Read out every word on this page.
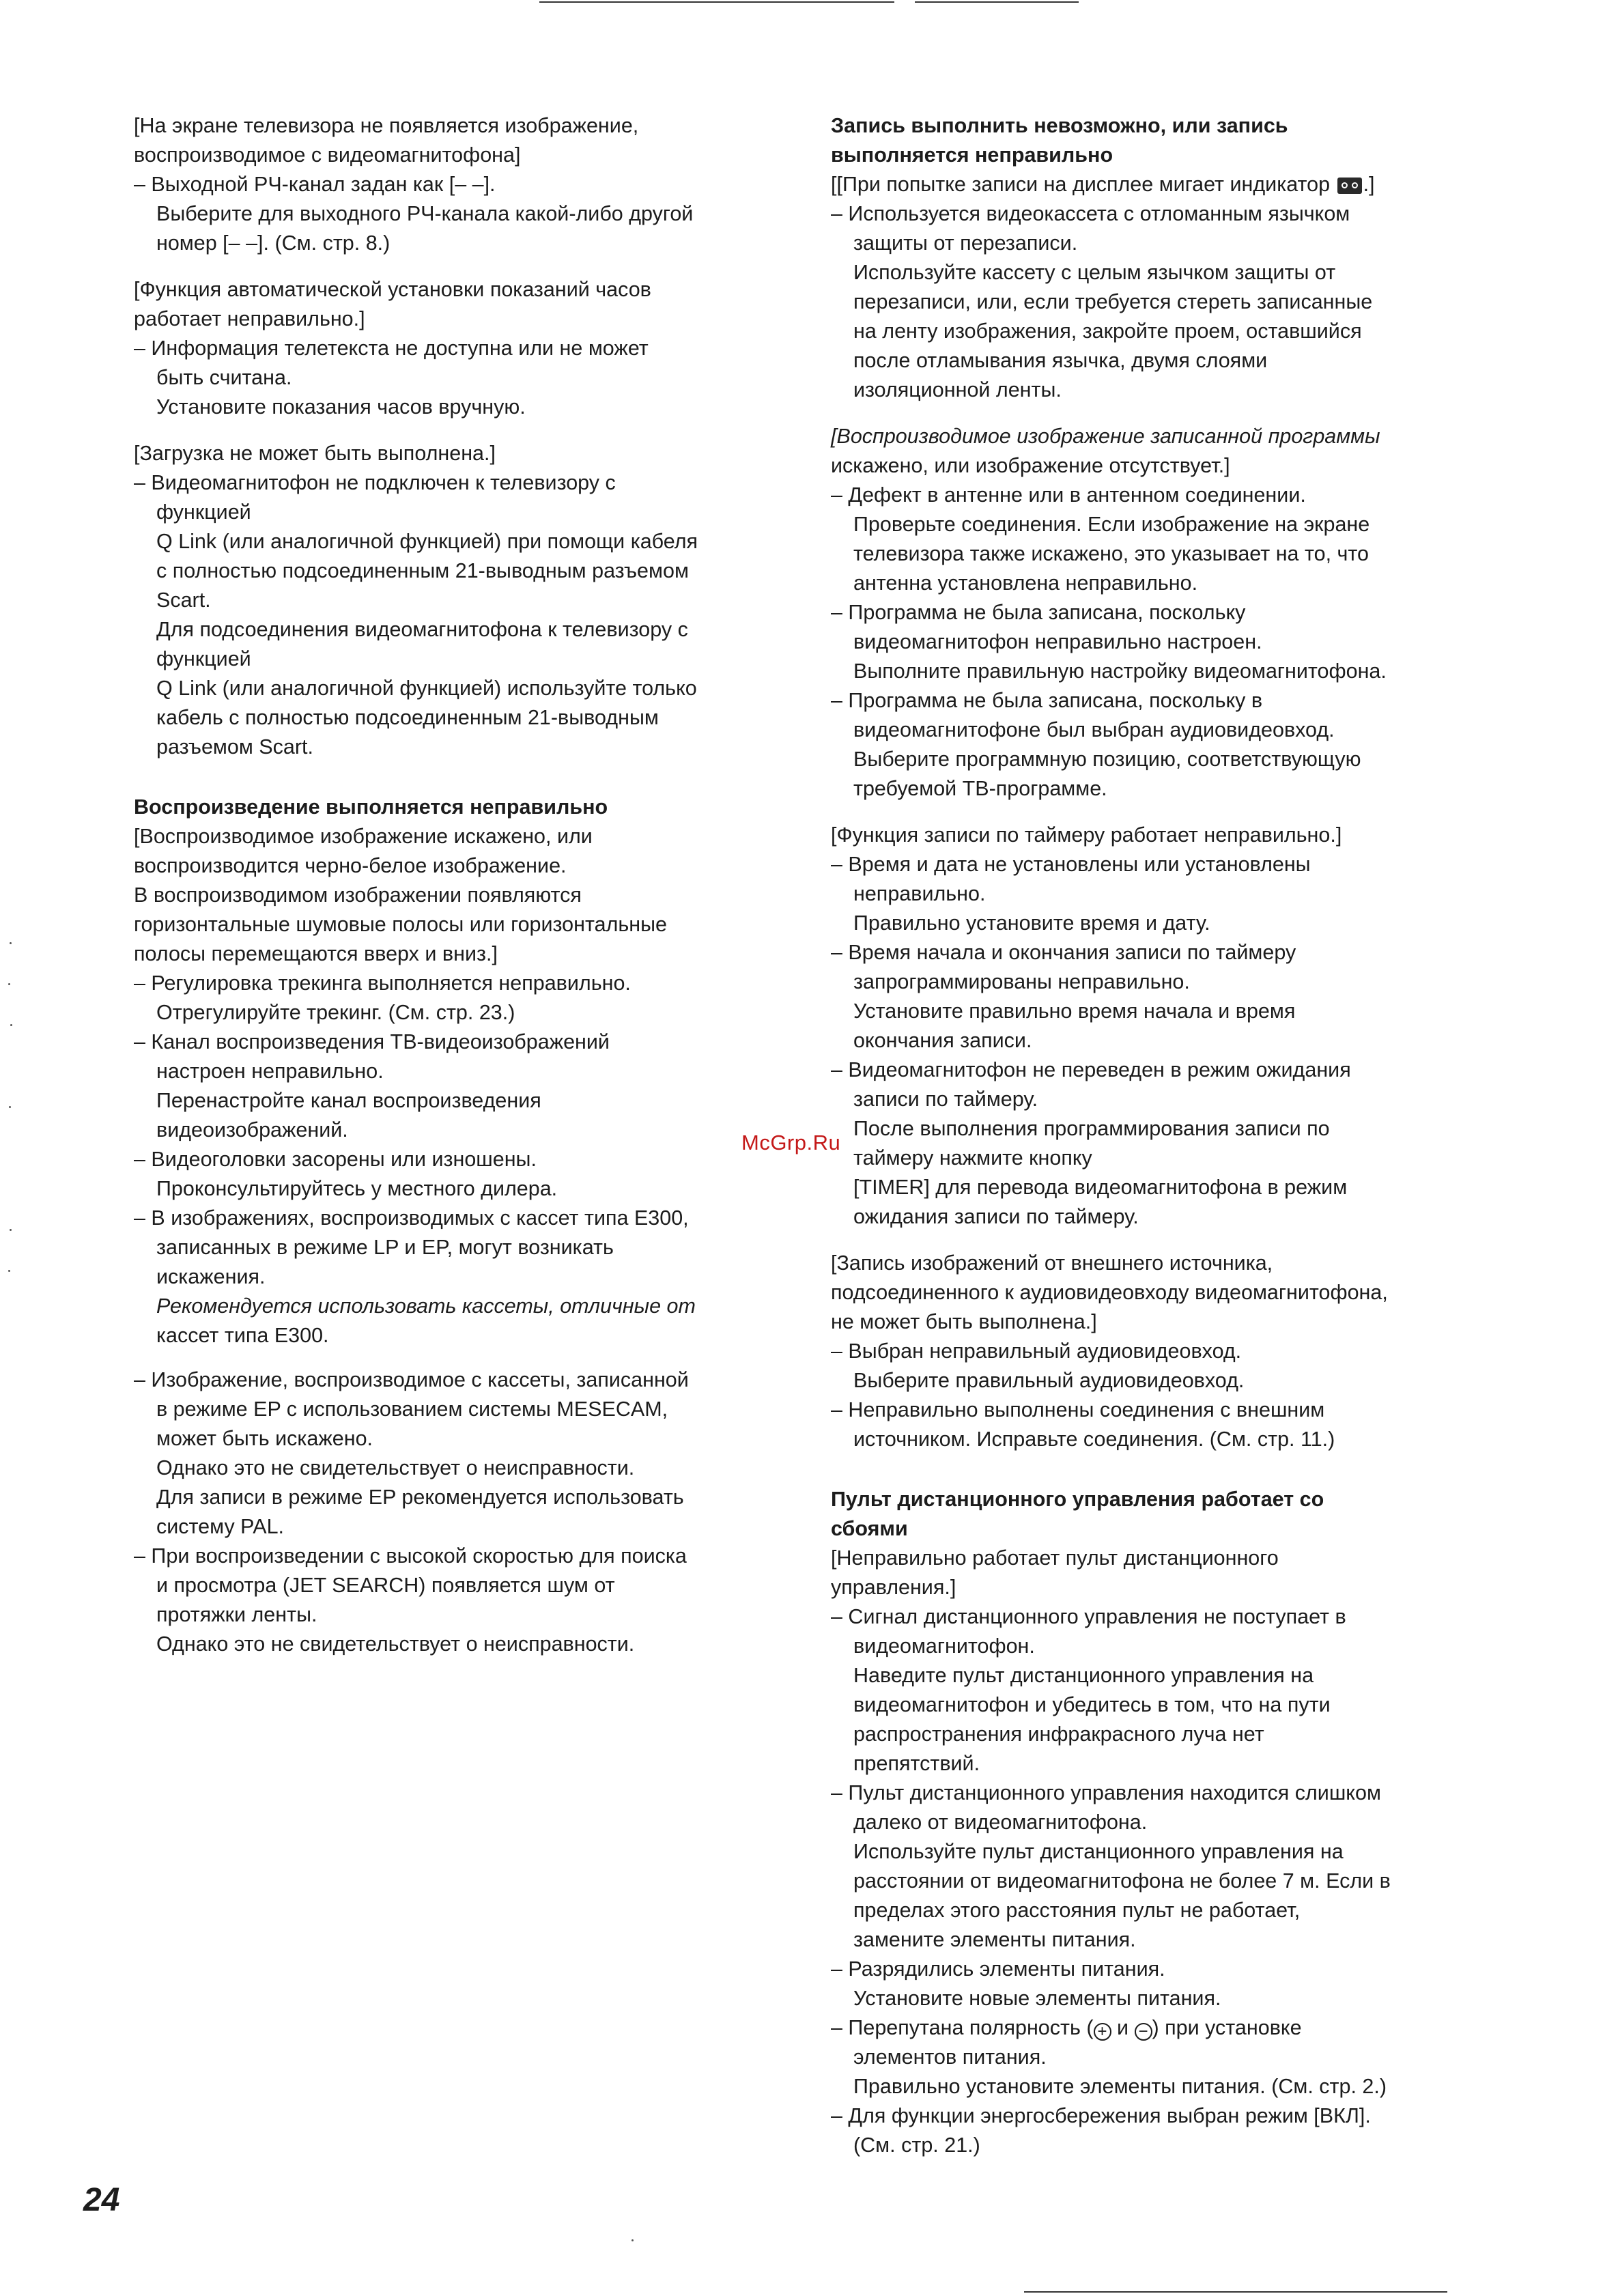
[На экране телевизора не появляется изображение,

воспроизводимое с видеомагнитофона]

– Выходной РЧ-канал задан как [– –].

Выберите для выходного РЧ-канала какой-либо другой

номер [– –]. (См. стр. 8.)

[Функция автоматической установки показаний часов

работает неправильно.]

– Информация телетекста не доступна или не может

быть считана.

Установите показания часов вручную.

[Загрузка не может быть выполнена.]

– Видеомагнитофон не подключен к телевизору с

функцией

Q Link (или аналогичной функцией) при помощи кабеля

с полностью подсоединенным 21-выводным разъемом

Scart.

Для подсоединения видеомагнитофона к телевизору с

функцией

Q Link (или аналогичной функцией) используйте только

кабель с полностью подсоединенным 21-выводным

разъемом Scart.

Воспроизведение выполняется неправильно

[Воспроизводимое изображение искажено, или

воспроизводится черно-белое изображение.

В воспроизводимом изображении появляются

горизонтальные шумовые полосы или горизонтальные

полосы перемещаются вверх и вниз.]

– Регулировка трекинга выполняется неправильно.

Отрегулируйте трекинг. (См. стр. 23.)

– Канал воспроизведения ТВ-видеоизображений

настроен неправильно.

Перенастройте канал воспроизведения

видеоизображений.

– Видеоголовки засорены или изношены.

Проконсультируйтесь у местного дилера.

– В изображениях, воспроизводимых с кассет типа E300,

записанных в режиме LP и EP, могут возникать

искажения.

Рекомендуется использовать кассеты, отличные от

кассет типа E300.

– Изображение, воспроизводимое с кассеты, записанной

в режиме EP с использованием системы MESECAM,

может быть искажено.

Однако это не свидетельствует о неисправности.

Для записи в режиме EP рекомендуется использовать

систему PAL.

– При воспроизведении с высокой скоростью для поиска

и просмотра (JET SEARCH) появляется шум от

протяжки ленты.

Однако это не свидетельствует о неисправности.

Запись выполнить невозможно, или запись

выполняется неправильно

[[При попытке записи на дисплее мигает индикатор .]

– Используется видеокассета с отломанным язычком

защиты от перезаписи.

Используйте кассету с целым язычком защиты от

перезаписи, или, если требуется стереть записанные

на ленту изображения, закройте проем, оставшийся

после отламывания язычка, двумя слоями

изоляционной ленты.

[Воспроизводимое изображение записанной программы

искажено, или изображение отсутствует.]

– Дефект в антенне или в антенном соединении.

Проверьте соединения. Если изображение на экране

телевизора также искажено, это указывает на то, что

антенна установлена неправильно.

– Программа не была записана, поскольку

видеомагнитофон неправильно настроен.

Выполните правильную настройку видеомагнитофона.

– Программа не была записана, поскольку в

видеомагнитофоне был выбран аудиовидеовход.

Выберите программную позицию, соответствующую

требуемой ТВ-программе.

[Функция записи по таймеру работает неправильно.]

– Время и дата не установлены или установлены

неправильно.

Правильно установите время и дату.

– Время начала и окончания записи по таймеру

запрограммированы неправильно.

Установите правильно время начала и время

окончания записи.

– Видеомагнитофон не переведен в режим ожидания

записи по таймеру.

После выполнения программирования записи по

таймеру нажмите кнопку

[TIMER] для перевода видеомагнитофона в режим

ожидания записи по таймеру.

[Запись изображений от внешнего источника,

подсоединенного к аудиовидеовходу видеомагнитофона,

не может быть выполнена.]

– Выбран неправильный аудиовидеовход.

Выберите правильный аудиовидеовход.

– Неправильно выполнены соединения с внешним

источником. Исправьте соединения. (См. стр. 11.)

Пульт дистанционного управления работает со

сбоями

[Неправильно работает пульт дистанционного

управления.]

– Сигнал дистанционного управления не поступает в

видеомагнитофон.

Наведите пульт дистанционного управления на

видеомагнитофон и убедитесь в том, что на пути

распространения инфракрасного луча нет

препятствий.

– Пульт дистанционного управления находится слишком

далеко от видеомагнитофона.

Используйте пульт дистанционного управления на

расстоянии от видеомагнитофона не более 7 м. Если в

пределах этого расстояния пульт не работает,

замените элементы питания.

– Разрядились элементы питания.

Установите новые элементы питания.

– Перепутана полярность ( + и − ) при установке

элементов питания.

Правильно установите элементы питания. (См. стр. 2.)

– Для функции энергосбережения выбран режим [ВКЛ].

(См. стр. 21.)

McGrp.Ru
24
